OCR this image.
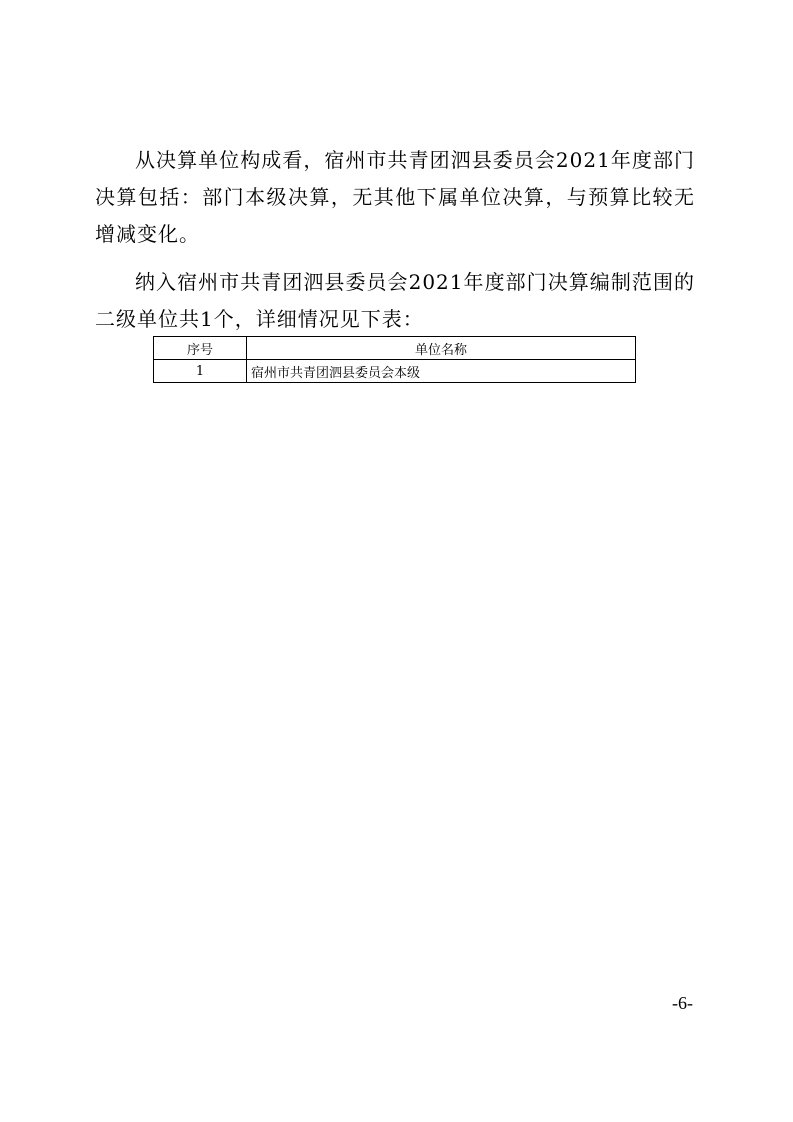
从决算单位构成看，宿州市共青团泗县委员会2021年度部门决算包括：部门本级决算，无其他下属单位决算，与预算比较无增减变化。

纳入宿州市共青团泗县委员会2021年度部门决算编制范围的二级单位共1个，详细情况见下表：

序号	单位名称
1	宿州市共青团泗县委员会本级
-6-
